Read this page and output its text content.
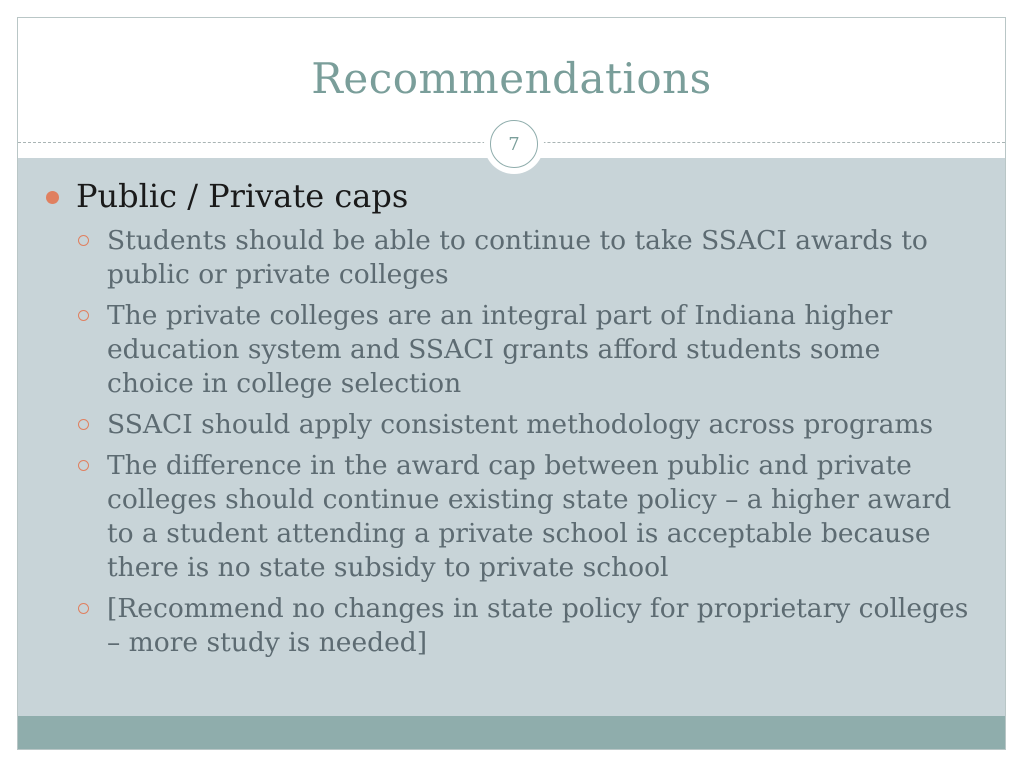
Recommendations
7
Public / Private caps
Students should be able to continue to take SSACI awards to public or private colleges
The private colleges are an integral part of Indiana higher education system and SSACI grants afford students some choice in college selection
SSACI should apply consistent methodology across programs
The difference in the award cap between public and private colleges should continue existing state policy – a higher award to a student attending a private school is acceptable because there is no state subsidy to private school
[Recommend no changes in state policy for proprietary colleges – more study is needed]
